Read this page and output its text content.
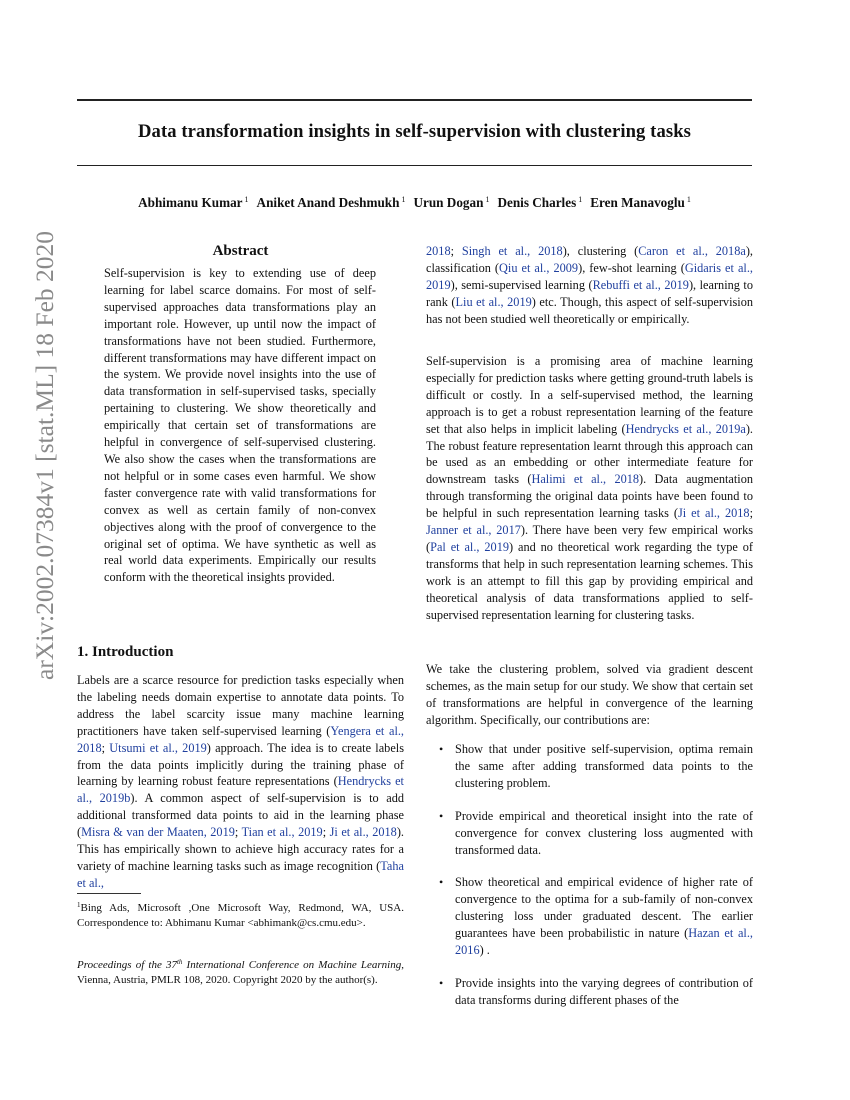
Data transformation insights in self-supervision with clustering tasks
Abhimanu Kumar $^1$ Aniket Anand Deshmukh $^1$ Urun Dogan $^1$ Denis Charles $^1$ Eren Manavoglu $^1$
arXiv:2002.07384v1 [stat.ML] 18 Feb 2020	Abstract
Self-supervision is key to extending use of deep learning for label scarce domains. For most of self-supervised approaches data transformations play an important role. However, up until now the impact of transformations have not been studied. Furthermore, different transformations may have different impact on the system. We provide novel insights into the use of data transformation in self-supervised tasks, specially pertaining to clustering. We show theoretically and empirically that certain set of transformations are helpful in convergence of self-supervised clustering. We also show the cases when the transformations are not helpful or in some cases even harmful. We show faster convergence rate with valid transformations for convex as well as certain family of non-convex objectives along with the proof of convergence to the original set of optima. We have synthetic as well as real world data experiments. Empirically our results conform with the theoretical insights provided.
1. Introduction
Labels are a scarce resource for prediction tasks especially when the labeling needs domain expertise to annotate data points. To address the label scarcity issue many machine learning practitioners have taken self-supervised learning (Yengera et al., 2018; Utsumi et al., 2019) approach. The idea is to create labels from the data points implicitly during the training phase of learning by learning robust feature representations (Hendrycks et al., 2019b). A common aspect of self-supervision is to add additional transformed data points to aid in the learning phase (Misra & van der Maaten, 2019; Tian et al., 2019; Ji et al., 2018). This has empirically shown to achieve high accuracy rates for a variety of machine learning tasks such as image recognition (Taha et al.,
$^1$Bing Ads, Microsoft ,One Microsoft Way, Redmond, WA, USA. Correspondence to: Abhimanu Kumar <abhimank@cs.cmu.edu>.
Proceedings of the 37th International Conference on Machine Learning, Vienna, Austria, PMLR 108, 2020. Copyright 2020 by the author(s).
2018; Singh et al., 2018), clustering (Caron et al., 2018a), classification (Qiu et al., 2009), few-shot learning (Gidaris et al., 2019), semi-supervised learning (Rebuffi et al., 2019), learning to rank (Liu et al., 2019) etc. Though, this aspect of self-supervision has not been studied well theoretically or empirically.
Self-supervision is a promising area of machine learning especially for prediction tasks where getting ground-truth labels is difficult or costly. In a self-supervised method, the learning approach is to get a robust representation learning of the feature set that also helps in implicit labeling (Hendrycks et al., 2019a). The robust feature representation learnt through this approach can be used as an embedding or other intermediate feature for downstream tasks (Halimi et al., 2018). Data augmentation through transforming the original data points have been found to be helpful in such representation learning tasks (Ji et al., 2018; Janner et al., 2017). There have been very few empirical works (Pal et al., 2019) and no theoretical work regarding the type of transforms that help in such representation learning schemes. This work is an attempt to fill this gap by providing empirical and theoretical analysis of data transformations applied to self-supervised representation learning for clustering tasks.
We take the clustering problem, solved via gradient descent schemes, as the main setup for our study. We show that certain set of transformations are helpful in convergence of the learning algorithm. Specifically, our contributions are:
• Show that under positive self-supervision, optima remain the same after adding transformed data points to the clustering problem.
• Provide empirical and theoretical insight into the rate of convergence for convex clustering loss augmented with transformed data.
• Show theoretical and empirical evidence of higher rate of convergence to the optima for a sub-family of non-convex clustering loss under graduated descent. The earlier guarantees have been probabilistic in nature (Hazan et al., 2016) .
• Provide insights into the varying degrees of contribution of data transforms during different phases of the
